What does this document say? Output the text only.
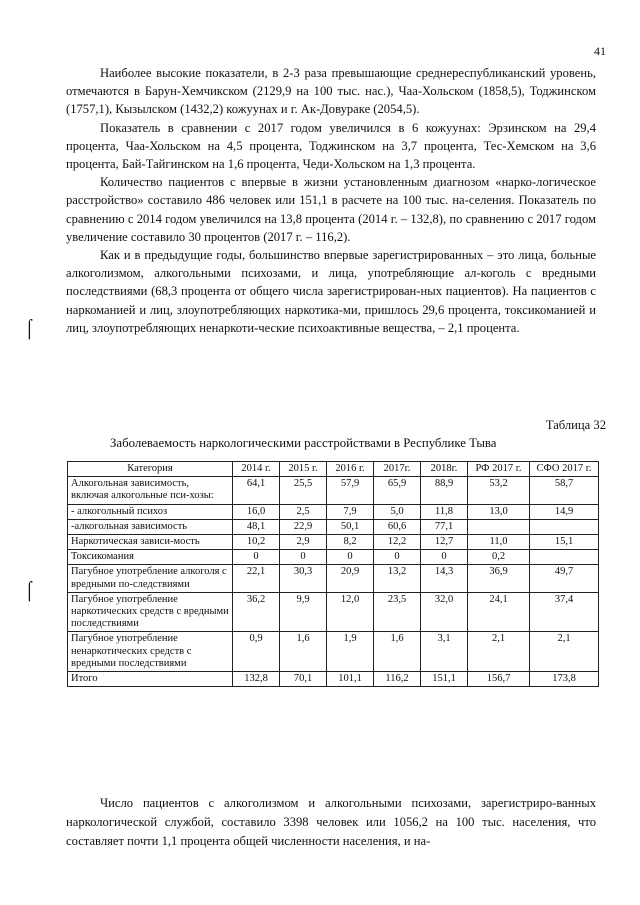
41

Наиболее высокие показатели, в 2-3 раза превышающие среднереспубликанский уровень, отмечаются в Барун-Хемчикском (2129,9 на 100 тыс. нас.), Чаа-Хольском (1858,5), Тоджинском (1757,1), Кызылском (1432,2) кожуунах и г. Ак-Довураке (2054,5).

Показатель в сравнении с 2017 годом увеличился в 6 кожуунах: Эрзинском на 29,4 процента, Чаа-Хольском на 4,5 процента, Тоджинском на 3,7 процента, Тес-Хемском на 3,6 процента, Бай-Тайгинском на 1,6 процента, Чеди-Хольском на 1,3 процента.

Количество пациентов с впервые в жизни установленным диагнозом «нарко-логическое расстройство» составило 486 человек или 151,1 в расчете на 100 тыс. на-селения. Показатель по сравнению с 2014 годом увеличился на 13,8 процента (2014 г. – 132,8), по сравнению с 2017 годом увеличение составило 30 процентов (2017 г. – 116,2).

Как и в предыдущие годы, большинство впервые зарегистрированных – это лица, больные алкоголизмом, алкогольными психозами, и лица, употребляющие ал-коголь с вредными последствиями (68,3 процента от общего числа зарегистрирован-ных пациентов). На пациентов с наркоманией и лиц, злоупотребляющих наркотика-ми, пришлось 29,6 процента, токсикоманией и лиц, злоупотребляющих ненаркоти-ческие психоактивные вещества, – 2,1 процента.

⌠
⌠
Таблица 32
Заболеваемость наркологическими расстройствами в Республике Тыва
Категория	2014 г.	2015 г.	2016 г.	2017г.	2018г.	РФ 2017 г.	СФО 2017 г.
Алкогольная зависимость, включая алкогольные пси-хозы:	64,1	25,5	57,9	65,9	88,9	53,2	58,7
- алкогольный психоз	16,0	2,5	7,9	5,0	11,8	13,0	14,9
-алкогольная зависимость	48,1	22,9	50,1	60,6	77,1		
Наркотическая зависи-мость	10,2	2,9	8,2	12,2	12,7	11,0	15,1
Токсикомания	0	0	0	0	0	0,2	
Пагубное употребление алкоголя с вредными по-следствиями	22,1	30,3	20,9	13,2	14,3	36,9	49,7
Пагубное употребление наркотических средств с вредными последствиями	36,2	9,9	12,0	23,5	32,0	24,1	37,4
Пагубное употребление ненаркотических средств с вредными последствиями	0,9	1,6	1,9	1,6	3,1	2,1	2,1
Итого	132,8	70,1	101,1	116,2	151,1	156,7	173,8

Число пациентов с алкоголизмом и алкогольными психозами, зарегистриро-ванных наркологической службой, составило 3398 человек или 1056,2 на 100 тыс. населения, что составляет почти 1,1 процента общей численности населения, и на-
